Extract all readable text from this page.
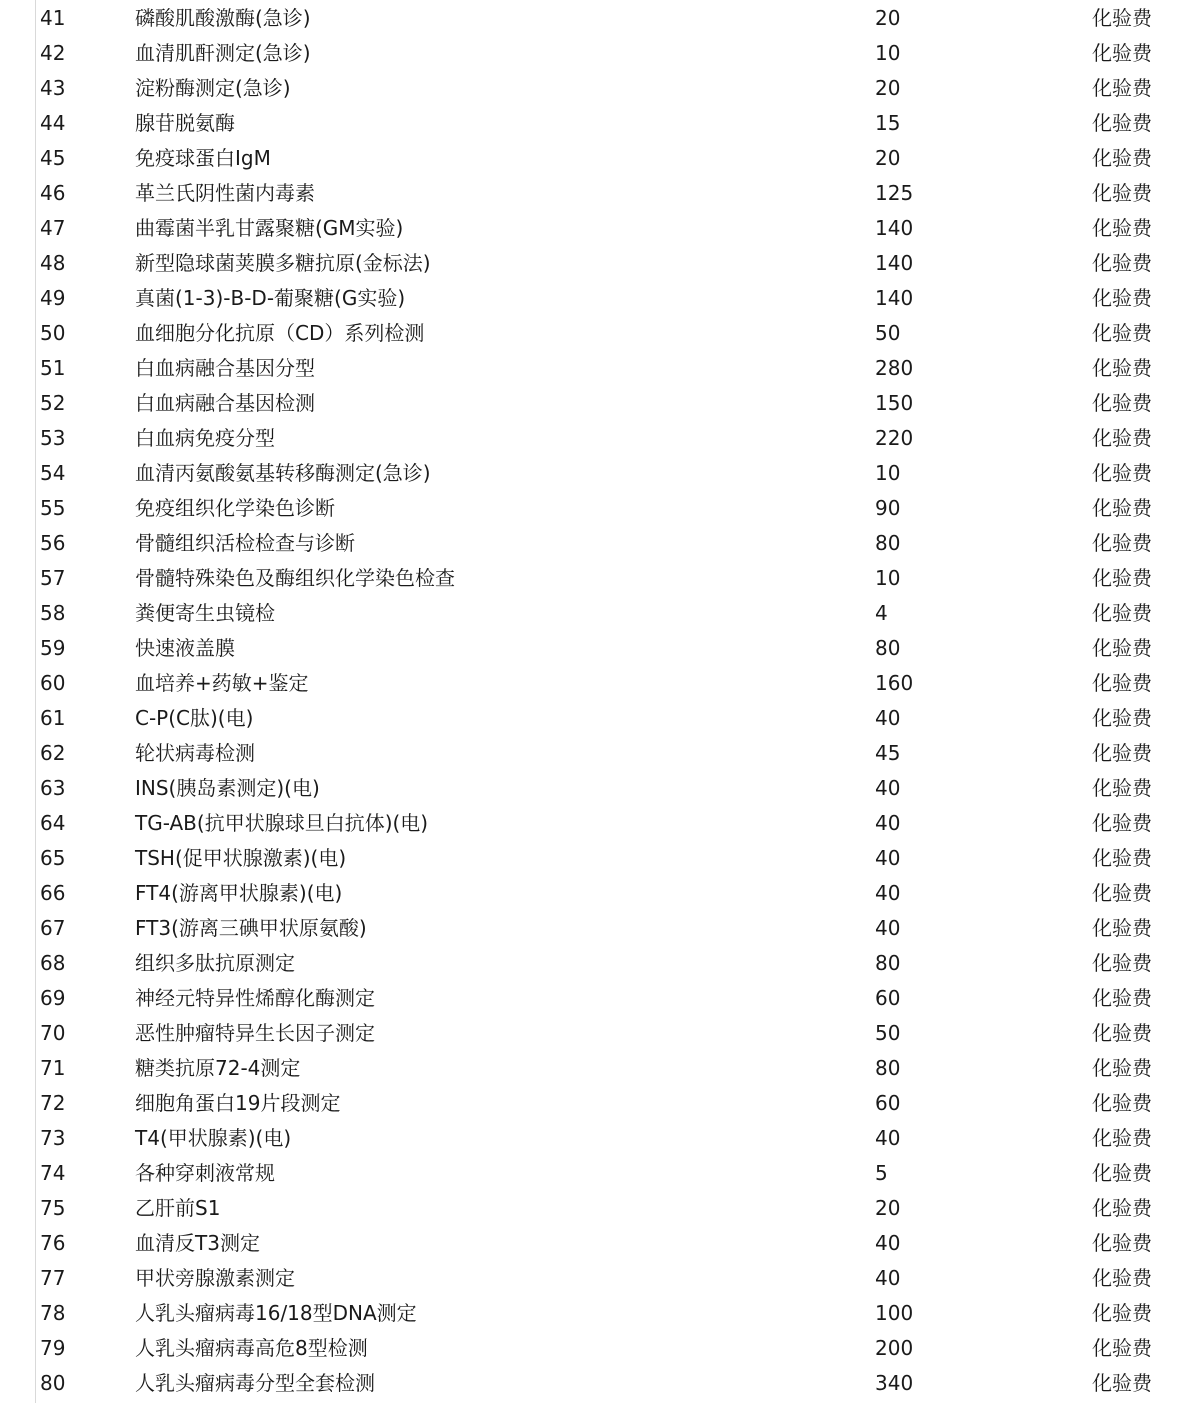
41	磷酸肌酸激酶(急诊)	20	化验费
42	血清肌酐测定(急诊)	10	化验费
43	淀粉酶测定(急诊)	20	化验费
44	腺苷脱氨酶	15	化验费
45	免疫球蛋白IgM	20	化验费
46	革兰氏阴性菌内毒素	125	化验费
47	曲霉菌半乳甘露聚糖(GM实验)	140	化验费
48	新型隐球菌荚膜多糖抗原(金标法)	140	化验费
49	真菌(1-3)-B-D-葡聚糖(G实验)	140	化验费
50	血细胞分化抗原（CD）系列检测	50	化验费
51	白血病融合基因分型	280	化验费
52	白血病融合基因检测	150	化验费
53	白血病免疫分型	220	化验费
54	血清丙氨酸氨基转移酶测定(急诊)	10	化验费
55	免疫组织化学染色诊断	90	化验费
56	骨髓组织活检检查与诊断	80	化验费
57	骨髓特殊染色及酶组织化学染色检查	10	化验费
58	粪便寄生虫镜检	4	化验费
59	快速液盖膜	80	化验费
60	血培养+药敏+鉴定	160	化验费
61	C-P(C肽)(电)	40	化验费
62	轮状病毒检测	45	化验费
63	INS(胰岛素测定)(电)	40	化验费
64	TG-AB(抗甲状腺球旦白抗体)(电)	40	化验费
65	TSH(促甲状腺激素)(电)	40	化验费
66	FT4(游离甲状腺素)(电)	40	化验费
67	FT3(游离三碘甲状原氨酸)	40	化验费
68	组织多肽抗原测定	80	化验费
69	神经元特异性烯醇化酶测定	60	化验费
70	恶性肿瘤特异生长因子测定	50	化验费
71	糖类抗原72-4测定	80	化验费
72	细胞角蛋白19片段测定	60	化验费
73	T4(甲状腺素)(电)	40	化验费
74	各种穿刺液常规	5	化验费
75	乙肝前S1	20	化验费
76	血清反T3测定	40	化验费
77	甲状旁腺激素测定	40	化验费
78	人乳头瘤病毒16/18型DNA测定	100	化验费
79	人乳头瘤病毒高危8型检测	200	化验费
80	人乳头瘤病毒分型全套检测	340	化验费
